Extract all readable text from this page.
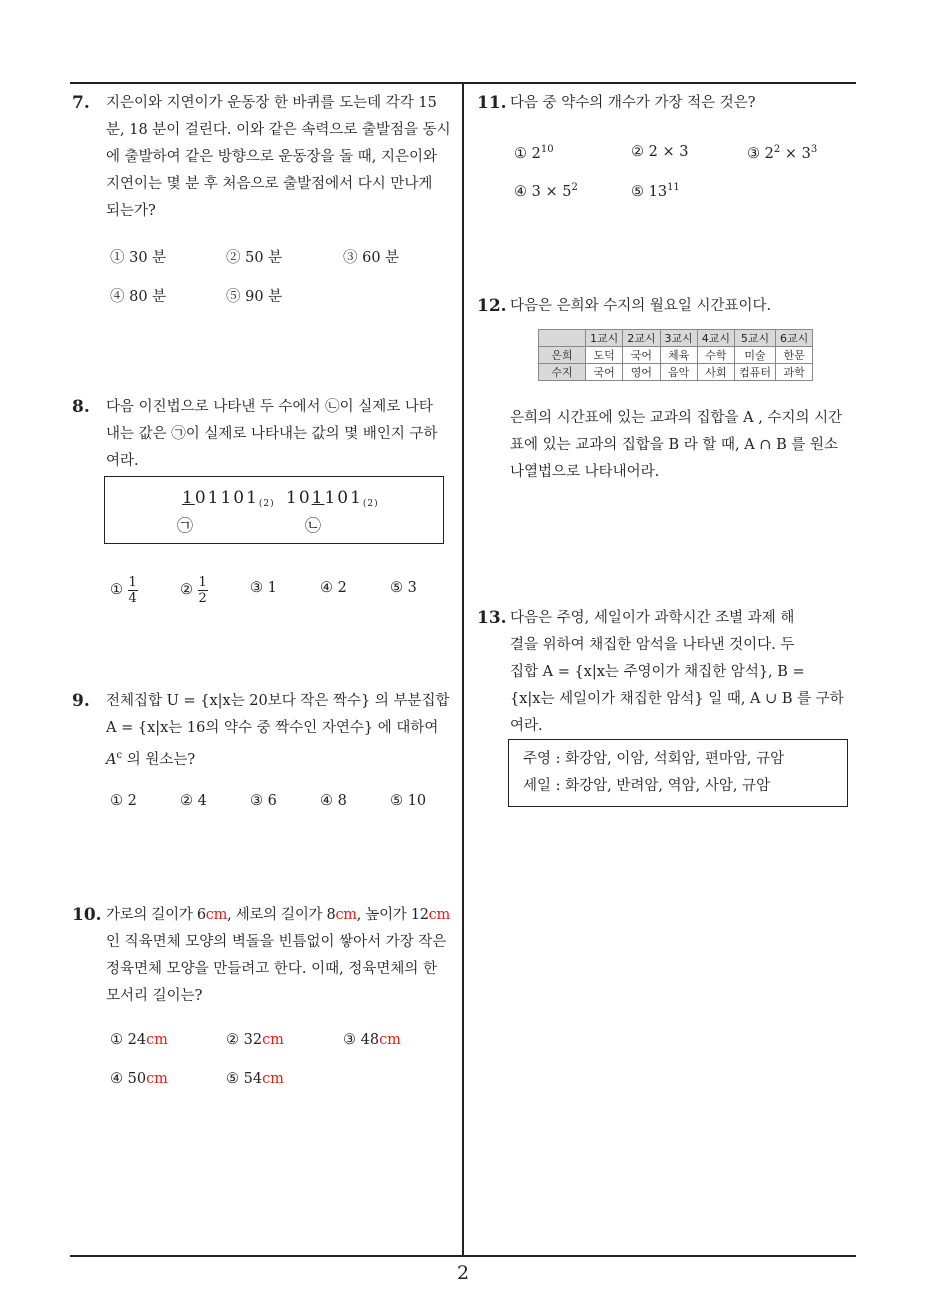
2
7. 지은이와 지연이가 운동장 한 바퀴를 도는데 각각 15
분, 18 분이 걸린다. 이와 같은 속력으로 출발점을 동시
에 출발하여 같은 방향으로 운동장을 돌 때, 지은이와
지연이는 몇 분 후 처음으로 출발점에서 다시 만나게
되는가?
① 30 분	② 50 분	③ 60 분
④ 80 분	⑤ 90 분
8. 다음 이진법으로 나타낸 두 수에서 ㉡이 실제로 나타
내는 값은 ㉠이 실제로 나타내는 값의 몇 배인지 구하
여라.
101101(2) 101101(2)
㉠	㉡
①
$\frac{1}{4}$	②
$\frac{1}{2}$	③ 1	④ 2	⑤ 3
9. 전체집합 U = {x|x는 20보다 작은 짝수} 의 부분집합
A = {x|x는 16의 약수 중 짝수인 자연수} 에 대하여
$A^c$ 의 원소는?
① 2	② 4	③ 6	④ 8	⑤ 10
10. 가로의 길이가 6cm, 세로의 길이가 8cm, 높이가 12cm
인 직육면체 모양의 벽돌을 빈틈없이 쌓아서 가장 작은
정육면체 모양을 만들려고 한다. 이때, 정육면체의 한
모서리 길이는?
① 24cm	② 32cm	③ 48cm
④ 50cm	⑤ 54cm
11. 다음 중 약수의 개수가 가장 적은 것은?
① $2^{10}$	② 2 × 3	③ $2^2 \times 3^3$
④ $3 \times 5^2$	⑤ $13^{11}$
12. 다음은 은희와 수지의 월요일 시간표이다.
	1교시	2교시	3교시	4교시	5교시	6교시
은희	도덕	국어	체육	수학	미술	한문
수지	국어	영어	음악	사회	컴퓨터	과학
은희의 시간표에 있는 교과의 집합을 A , 수지의 시간
표에 있는 교과의 집합을 B 라 할 때, A ∩ B 를 원소
나열법으로 나타내어라.
13. 다음은 주영, 세일이가 과학시간 조별 과제 해
결을 위하여 채집한 암석을 나타낸 것이다. 두
집합 A = {x|x는 주영이가 채집한 암석}, B =
{x|x는 세일이가 채집한 암석} 일 때, A ∪ B 를 구하
여라.
주영 : 화강암, 이암, 석회암, 편마암, 규암
세일 : 화강암, 반려암, 역암, 사암, 규암
